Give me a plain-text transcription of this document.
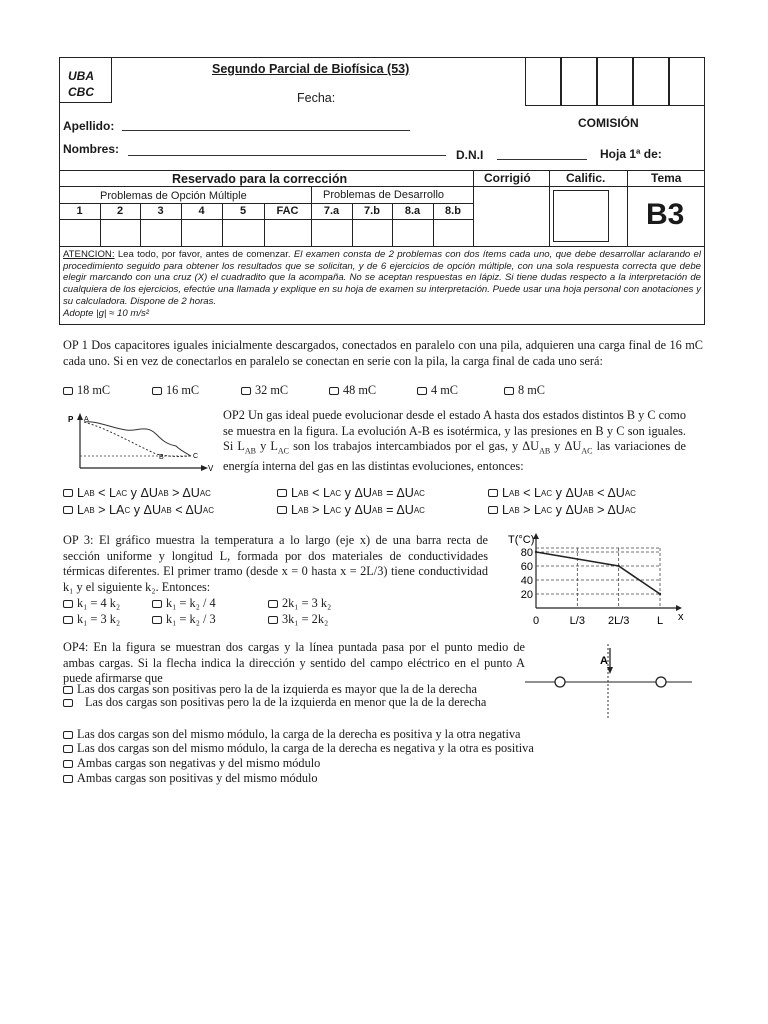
UBA
CBC
Segundo Parcial de Biofísica (53)
Fecha:
Apellido:	COMISIÓN
Nombres:	D.N.I	Hoja 1ª de:
Reservado para la corrección	Corrigió	Calific.	Tema
B3
Problemas de Opción Múltiple	Problemas de Desarrollo
1	2	3	4	5	FAC	7.a	7.b	8.a	8.b
ATENCION: Lea todo, por favor, antes de comenzar. El examen consta de 2 problemas con dos ítems cada uno, que debe desarrollar aclarando el procedimiento seguido para obtener los resultados que se solicitan, y de 6 ejercicios de opción múltiple, con una sola respuesta correcta que debe elegir marcando con una cruz (X) el cuadradito que la acompaña. No se aceptan respuestas en lápiz. Si tiene dudas respecto a la interpretación de cualquiera de los ejercicios, efectúe una llamada y explique en su hoja de examen su interpretación. Puede usar una hoja personal con anotaciones y su calculadora. Dispone de 2 horas.
Adopte |g| ≈ 10 m/s²
OP 1 Dos capacitores iguales inicialmente descargados, conectados en paralelo con una pila, adquieren una carga final de 16 mC cada uno. Si en vez de conectarlos en paralelo se conectan en serie con la pila, la carga final de cada uno será:
18 mC	16 mC	32 mC	48 mC	4 mC	8 mC
P A
B	C
V
OP2 Un gas ideal puede evolucionar desde el estado A hasta dos estados distintos B y C como se muestra en la figura. La evolución A-B es isotérmica, y las presiones en B y C son iguales. Si $L_{AB}$ y $L_{AC}$ son los trabajos intercambiados por el gas, y $\Delta U_{AB}$ y $\Delta U_{AC}$ las variaciones de energía interna del gas en las distintas evoluciones, entonces:
L AB < L AC y ΔU AB > ΔU AC	L AB < L AC y ΔU AB = ΔU AC	L AB < L AC y ΔU AB < ΔU AC
L AB > LA C y ΔU AB < ΔU AC	L AB > L AC y ΔU AB = ΔU AC	L AB > L AC y ΔU AB > ΔU AC
OP 3: El gráfico muestra la temperatura a lo largo (eje x) de una barra recta de sección uniforme y longitud L, formada por dos materiales de conductividades térmicas diferentes. El primer tramo (desde x = 0 hasta x = 2L/3) tiene conductividad k₁ y el siguiente k₂. Entonces:
k₁ = 4 k₂	k₁ = k₂ / 4	2k₁ = 3 k₂
k₁ = 3 k₂	k₁ = k₂ / 3	3k₁ = 2k₂
20
40
60
80
0	L/3 2L/3	L
T(°C)
x
OP4: En la figura se muestran dos cargas y la línea puntada pasa por el punto medio de ambas cargas. Si la flecha indica la dirección y sentido del campo eléctrico en el punto A puede afirmarse que
A
Las dos cargas son positivas pero la de la izquierda es mayor que la de la derecha
Las dos cargas son positivas pero la de la izquierda en menor que la de la derecha
Las dos cargas son del mismo módulo, la carga de la derecha es positiva y la otra negativa
Las dos cargas son del mismo módulo, la carga de la derecha es negativa y la otra es positiva
Ambas cargas son negativas y del mismo módulo
Ambas cargas son positivas y del mismo módulo
